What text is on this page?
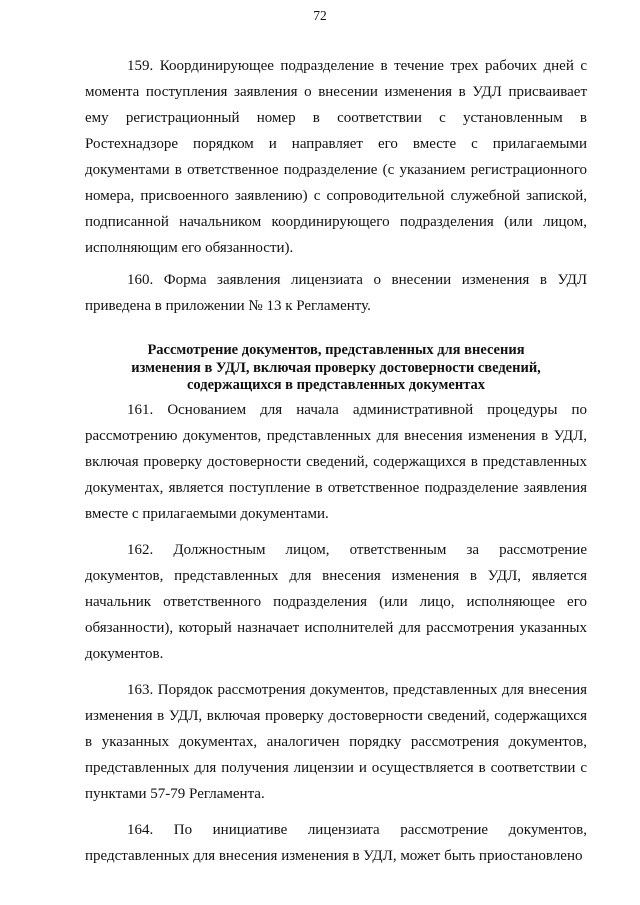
72

159. Координирующее подразделение в течение трех рабочих дней с момента поступления заявления о внесении изменения в УДЛ присваивает ему регистрационный номер в соответствии с установленным в Ростехнадзоре порядком и направляет его вместе с прилагаемыми документами в ответственное подразделение (с указанием регистрационного номера, присвоенного заявлению) с сопроводительной служебной запиской, подписанной начальником координирующего подразделения (или лицом, исполняющим его обязанности).

160. Форма заявления лицензиата о внесении изменения в УДЛ приведена в приложении № 13 к Регламенту.

Рассмотрение документов, представленных для внесения
изменения в УДЛ, включая проверку достоверности сведений,
содержащихся в представленных документах

161. Основанием для начала административной процедуры по рассмотрению документов, представленных для внесения изменения в УДЛ, включая проверку достоверности сведений, содержащихся в представленных документах, является поступление в ответственное подразделение заявления вместе с прилагаемыми документами.

162. Должностным лицом, ответственным за рассмотрение документов, представленных для внесения изменения в УДЛ, является начальник ответственного подразделения (или лицо, исполняющее его обязанности), который назначает исполнителей для рассмотрения указанных документов.

163. Порядок рассмотрения документов, представленных для внесения изменения в УДЛ, включая проверку достоверности сведений, содержащихся в указанных документах, аналогичен порядку рассмотрения документов, представленных для получения лицензии и осуществляется в соответствии с пунктами 57-79 Регламента.

164. По инициативе лицензиата рассмотрение документов, представленных для внесения изменения в УДЛ, может быть приостановлено
